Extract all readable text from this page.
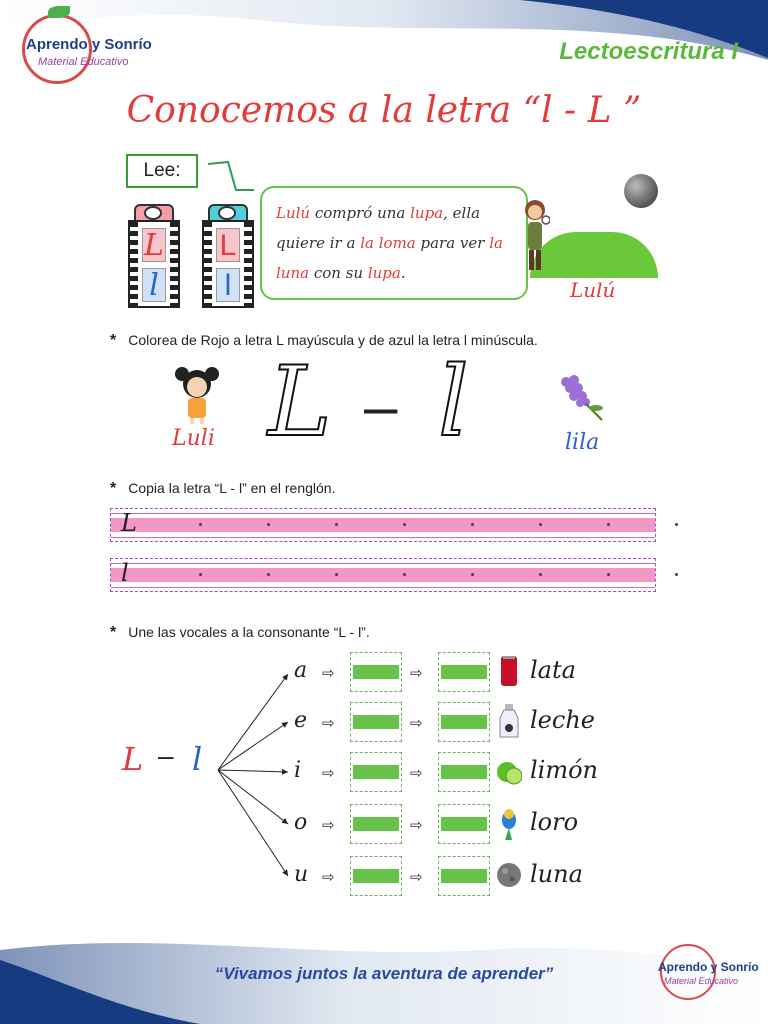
Aprendo y Sonrío
Material Educativo	Lectoescritura I
Conocemos a la letra “l - L ”
Lee:
L
l
L
l
Lulú compró una lupa, ella quiere ir a la loma para ver la luna con su lupa.
Lulú
* Colorea de Rojo a letra L mayúscula y de azul la letra l minúscula.
Luli L – l	lila
* Copia la letra “L - l” en el renglón.
L
l
* Une las vocales a la consonante “L - l”.
L – l
a ⇨	⇨	lata
e ⇨	⇨	leche
i ⇨	⇨	limón
o ⇨	⇨	loro
u ⇨	⇨	luna
“Vivamos juntos la aventura de aprender”	Aprendo y Sonrío
Material Educativo
